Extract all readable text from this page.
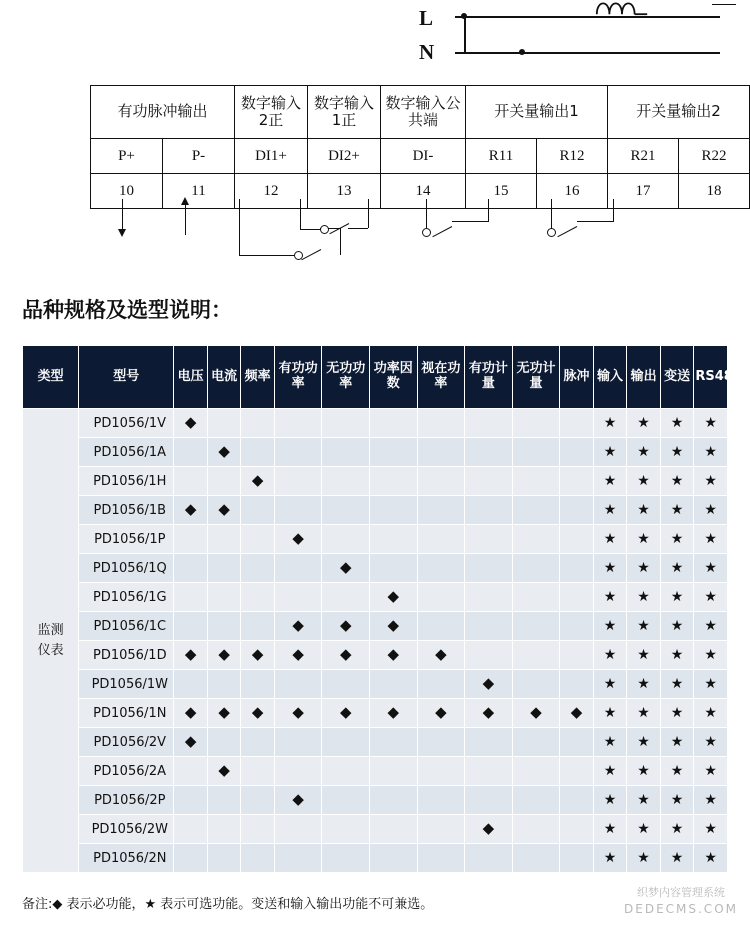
L
N
有功脉冲输出		数字输入2正	数字输入1正	数字输入公共端	开关量输出1		开关量输出2	
P+	P-	DI1+	DI2+	DI-	R11	R12	R21	R22
10	11	12	13	14	15	16	17	18
品种规格及选型说明：
类型	型号	电压	电流	频率	有功功率	无功功率	功率因数	视在功率	有功计量	无功计量	脉冲	输入	输出	变送	RS485
监测
仪表	PD1056/1V	◆										★	★	★	★
	PD1056/1A		◆									★	★	★	★
	PD1056/1H			◆								★	★	★	★
	PD1056/1B	◆	◆									★	★	★	★
	PD1056/1P				◆							★	★	★	★
	PD1056/1Q					◆						★	★	★	★
	PD1056/1G						◆					★	★	★	★
	PD1056/1C				◆	◆	◆					★	★	★	★
	PD1056/1D	◆	◆	◆	◆	◆	◆	◆				★	★	★	★
	PD1056/1W								◆			★	★	★	★
	PD1056/1N	◆	◆	◆	◆	◆	◆	◆	◆	◆	◆	★	★	★	★
	PD1056/2V	◆										★	★	★	★
	PD1056/2A		◆									★	★	★	★
	PD1056/2P				◆							★	★	★	★
	PD1056/2W								◆			★	★	★	★
	PD1056/2N											★	★	★	★
备注:◆ 表示必功能，★ 表示可选功能。变送和输入输出功能不可兼选。
织梦内容管理系统
DEDECMS.COM
